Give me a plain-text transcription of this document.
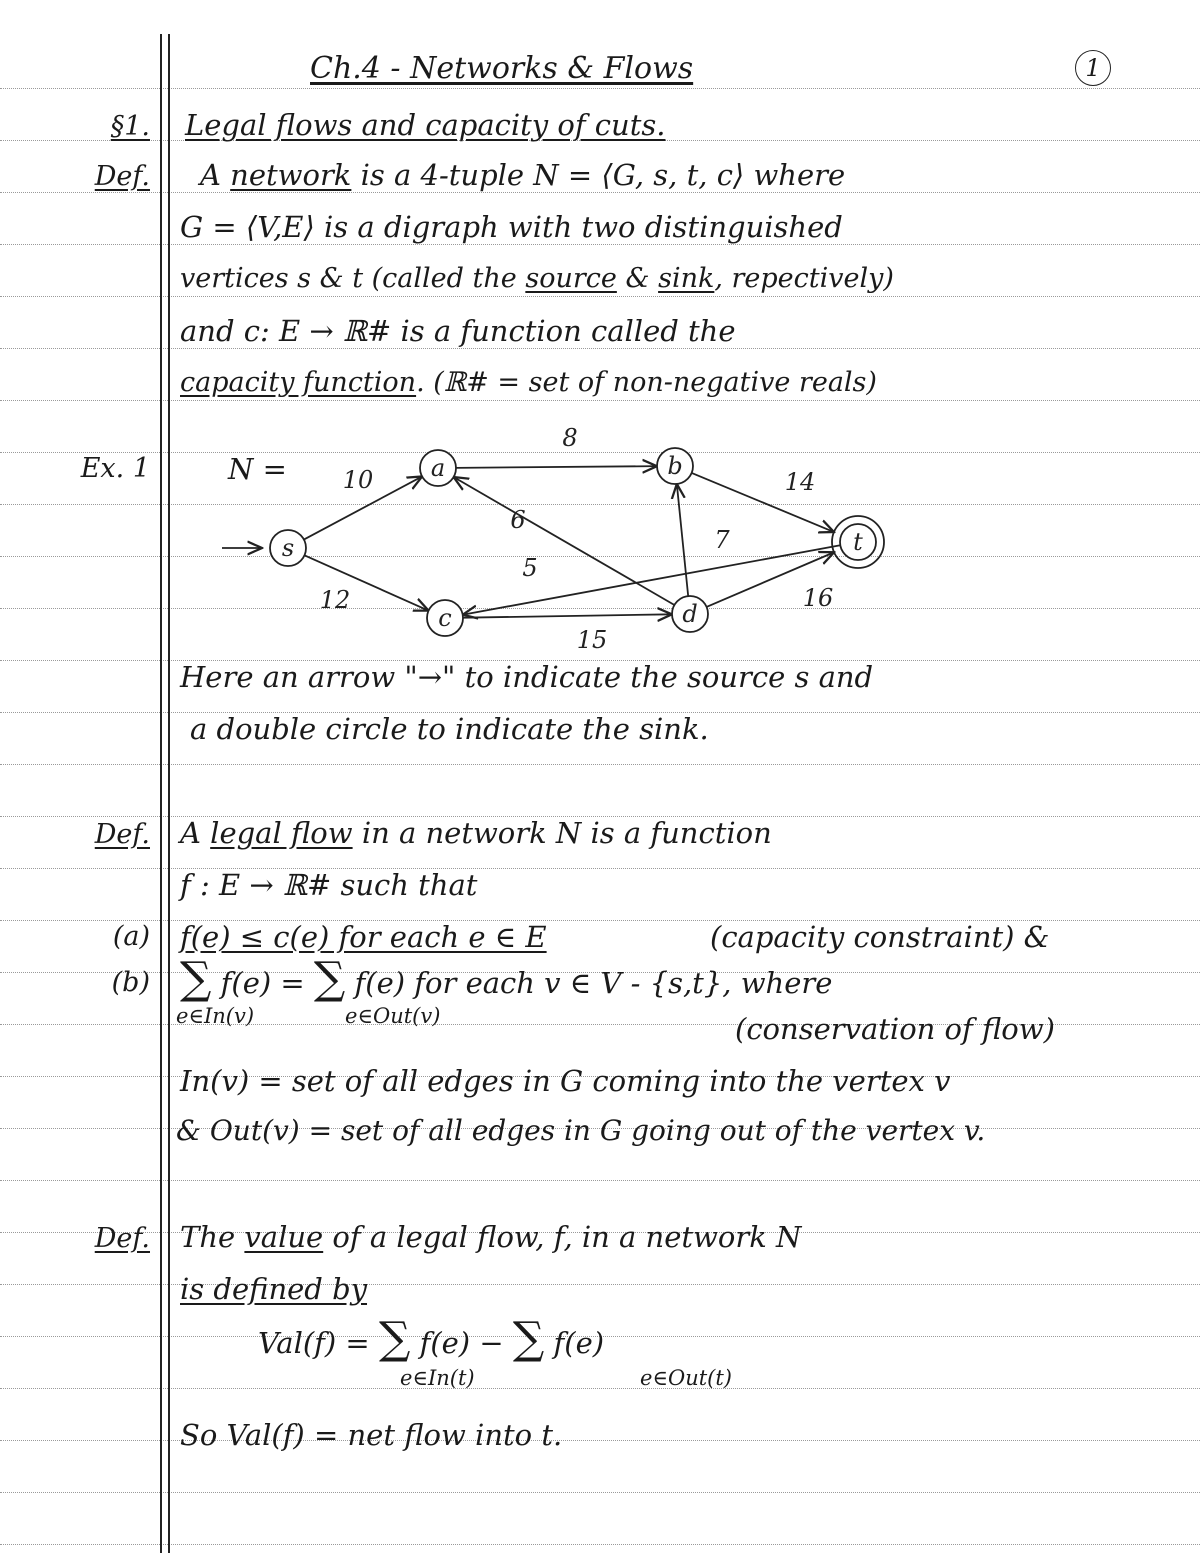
Ch.4 - Networks & Flows	1
§1. Legal flows and capacity of cuts.
Def. A network is a 4-tuple N = ⟨G, s, t, c⟩ where
G = ⟨V,E⟩ is a digraph with two distinguished
vertices s & t (called the source & sink, repectively)
and c: E → ℝ# is a function called the
capacity function. (ℝ# = set of non-negative reals)
Ex. 1	N =
s
a	b
c	d
t
10
12
8
6
7
14
5
15
16
Here an arrow "→" to indicate the source s and
a double circle to indicate the sink.
Def. A legal flow in a network N is a function
f : E → ℝ# such that
(a) f(e) ≤ c(e) for each e ∈ E	(capacity constraint) &
(b) ∑ f(e) = ∑ f(e) for each v ∈ V - {s,t}, where
e∈In(v)	e∈Out(v)	(conservation of flow)
In(v) = set of all edges in G coming into the vertex v
& Out(v) = set of all edges in G going out of the vertex v.
Def. The value of a legal flow, f, in a network N
is defined by
Val(f) = ∑ f(e) − ∑ f(e)
e∈In(t)	e∈Out(t)
So Val(f) = net flow into t.
